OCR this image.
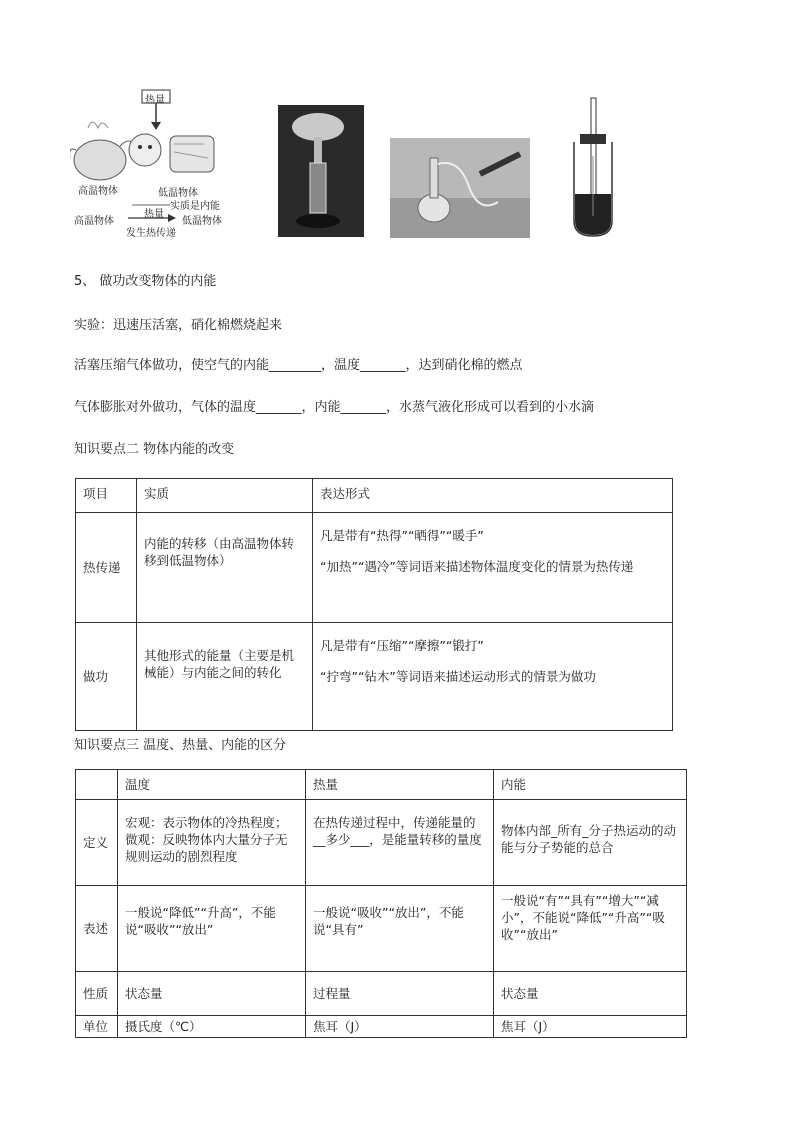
热量
高温物体	低温物体
实质是内能
高温物体
热量
低温物体
发生热传递
5、 做功改变物体的内能
实验：迅速压活塞，硝化棉燃烧起来
活塞压缩气体做功，使空气的内能________，温度_______，达到硝化棉的燃点
气体膨胀对外做功，气体的温度_______，内能_______，水蒸气液化形成可以看到的小水滴
知识要点二 物体内能的改变
项目	实质	表达形式
热传递	内能的转移（由高温物体转移到低温物体）	凡是带有“热得”“晒得”“暖手”
“加热”“遇冷”等词语来描述物体温度变化的情景为热传递

做功	其他形式的能量（主要是机械能）与内能之间的转化	凡是带有“压缩”“摩擦”“锻打”
“拧弯”“钻木”等词语来描述运动形式的情景为做功
知识要点三 温度、热量、内能的区分
	温度	热量	内能
定义	宏观：表示物体的冷热程度；微观：反映物体内大量分子无规则运动的剧烈程度	在热传递过程中，传递能量的__多少___，是能量转移的量度	物体内部_所有_分子热运动的动能与分子势能的总合
表述	一般说“降低”“升高”，不能说“吸收”“放出”	一般说“吸收”“放出”，不能说“具有”	一般说“有”“具有”“增大”“减小”，不能说“降低”“升高”“吸收”“放出”
性质	状态量	过程量	状态量
单位	摄氏度（℃）	焦耳（J）	焦耳（J）
